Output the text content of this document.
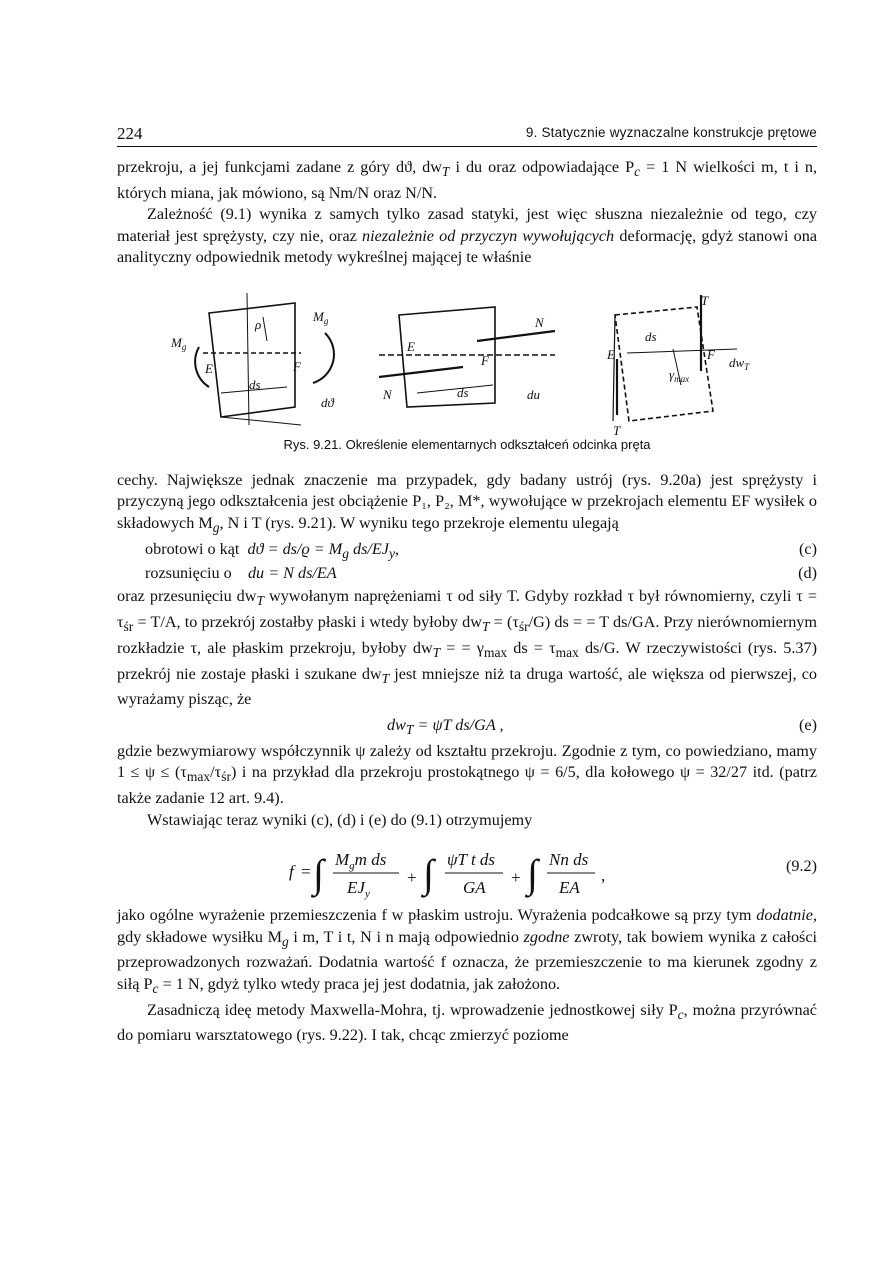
224	9. Statycznie wyznaczalne konstrukcje prętowe

przekroju, a jej funkcjami zadane z góry dϑ, $dw_T$ i du oraz odpowiadające $P_c = 1$ N wielkości m, t i n, których miana, jak mówiono, są Nm/N oraz N/N.

Zależność (9.1) wynika z samych tylko zasad statyki, jest więc słuszna niezależnie od tego, czy materiał jest sprężysty, czy nie, oraz niezależnie od przyczyn wywołujących deformację, gdyż stanowi ona analityczny odpowiednik metody wykreślnej mającej te właśnie

$M_g$
$M_g$
ρ
E	F
ds
dϑ
N
N
E
F
ds	du
T
T
E	F
ds
$dw_T$
$\gamma_{max}$
Rys. 9.21. Określenie elementarnych odkształceń odcinka pręta

cechy. Największe jednak znaczenie ma przypadek, gdy badany ustrój (rys. 9.20a) jest sprężysty i przyczyną jego odkształcenia jest obciążenie P₁, P₂, M*, wywołujące w przekrojach elementu EF wysiłek o składowych $M_g$, N i T (rys. 9.21). W wyniku tego przekroje elementu ulegają

obrotowi o kąt $dϑ = ds/ϱ = M_g$ $ds/EJ_y$,	(c)
rozsunięciu o du = N ds/EA	(d)

oraz przesunięciu $dw_T$ wywołanym naprężeniami τ od siły T. Gdyby rozkład τ był równomierny, czyli $\tau = \tau_{śr} = T/A$, to przekrój zostałby płaski i wtedy byłoby $dw_T = (\tau_{śr}/G)$ ds = = T ds/GA. Przy nierównomiernym rozkładzie τ, ale płaskim przekroju, byłoby $dw_T$ = = $\gamma_{max}$ ds = $\tau_{max}$ ds/G. W rzeczywistości (rys. 5.37) przekrój nie zostaje płaski i szukane $dw_T$ jest mniejsze niż ta druga wartość, ale większa od pierwszej, co wyrażamy pisząc, że

$dw_T = \psi T$ ds/GA ,	(e)

gdzie bezwymiarowy współczynnik ψ zależy od kształtu przekroju. Zgodnie z tym, co powiedziano, mamy $1 \le \psi \le (\tau_{max}/\tau_{śr})$ i na przykład dla przekroju prostokątnego ψ = 6/5, dla kołowego ψ = 32/27 itd. (patrz także zadanie 12 art. 9.4).

Wstawiając teraz wyniki (c), (d) i (e) do (9.1) otrzymujemy

f = ∫ $M_gm$ ds
$EJ_y$
+ ∫ ψT t ds
GA
+ ∫ Nn ds
EA
,	(9.2)

jako ogólne wyrażenie przemieszczenia f w płaskim ustroju. Wyrażenia podcałkowe są przy tym dodatnie, gdy składowe wysiłku $M_g$ i m, T i t, N i n mają odpowiednio zgodne zwroty, tak bowiem wynika z całości przeprowadzonych rozważań. Dodatnia wartość f oznacza, że przemieszczenie to ma kierunek zgodny z siłą $P_c = 1$ N, gdyż tylko wtedy praca jej jest dodatnia, jak założono.

Zasadniczą ideę metody Maxwella-Mohra, tj. wprowadzenie jednostkowej siły $P_c$, można przyrównać do pomiaru warsztatowego (rys. 9.22). I tak, chcąc zmierzyć poziome
